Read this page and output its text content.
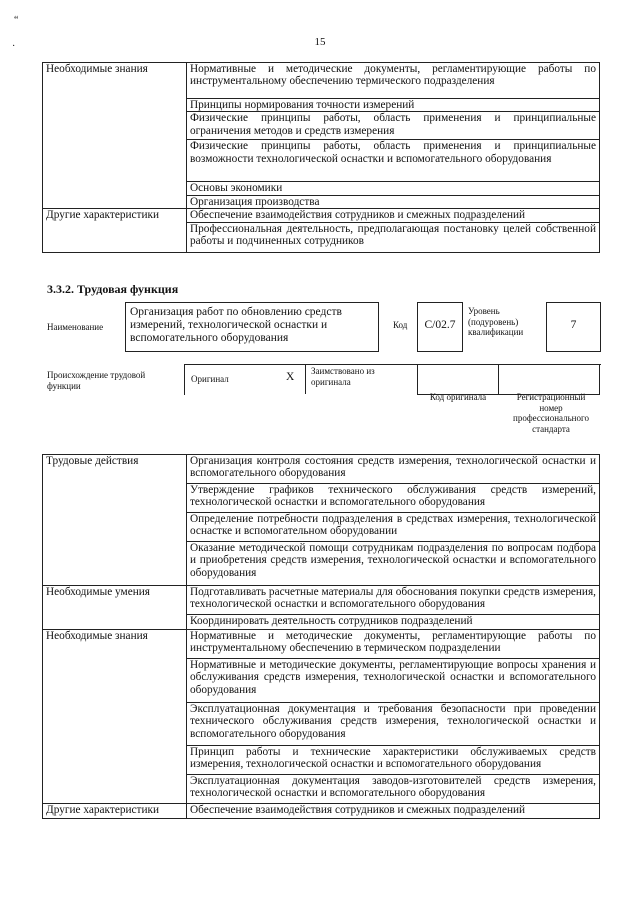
“
·	15
Необходимые знания	Нормативные и методические документы, регламентирующие работы по инструментальному обеспечению термического подразделения
	Принципы нормирования точности измерений
	Физические принципы работы, область применения и принципиальные ограничения методов и средств измерения
	Физические принципы работы, область применения и принципиальные возможности технологической оснастки и вспомогательного оборудования
	Основы экономики
	Организация производства
Другие характеристики	Обеспечение взаимодействия сотрудников и смежных подразделений
	Профессиональная деятельность, предполагающая постановку целей собственной работы и подчиненных сотрудников
3.3.2. Трудовая функция
Наименование
Организация работ по обновлению средств измерений, технологической оснастки и вспомогательного оборудования
Код	С/02.7
Уровень (подуровень) квалификации
7
Происхождение трудовой функции
Оригинал	X Заимствовано из оригинала
Код оригинала	Регистрационный номер профессионального стандарта
Трудовые действия	Организация контроля состояния средств измерения, технологической оснастки и вспомогательного оборудования
	Утверждение графиков технического обслуживания средств измерений, технологической оснастки и вспомогательного оборудования
	Определение потребности подразделения в средствах измерения, технологической оснастке и вспомогательном оборудовании
	Оказание методической помощи сотрудникам подразделения по вопросам подбора и приобретения средств измерения, технологической оснастки и вспомогательного оборудования
Необходимые умения	Подготавливать расчетные материалы для обоснования покупки средств измерения, технологической оснастки и вспомогательного оборудования
	Координировать деятельность сотрудников подразделений
Необходимые знания	Нормативные и методические документы, регламентирующие работы по инструментальному обеспечению в термическом подразделении
	Нормативные и методические документы, регламентирующие вопросы хранения и обслуживания средств измерения, технологической оснастки и вспомогательного оборудования
	Эксплуатационная документация и требования безопасности при проведении технического обслуживания средств измерения, технологической оснастки и вспомогательного оборудования
	Принцип работы и технические характеристики обслуживаемых средств измерения, технологической оснастки и вспомогательного оборудования
	Эксплуатационная документация заводов-изготовителей средств измерения, технологической оснастки и вспомогательного оборудования
Другие характеристики	Обеспечение взаимодействия сотрудников и смежных подразделений
